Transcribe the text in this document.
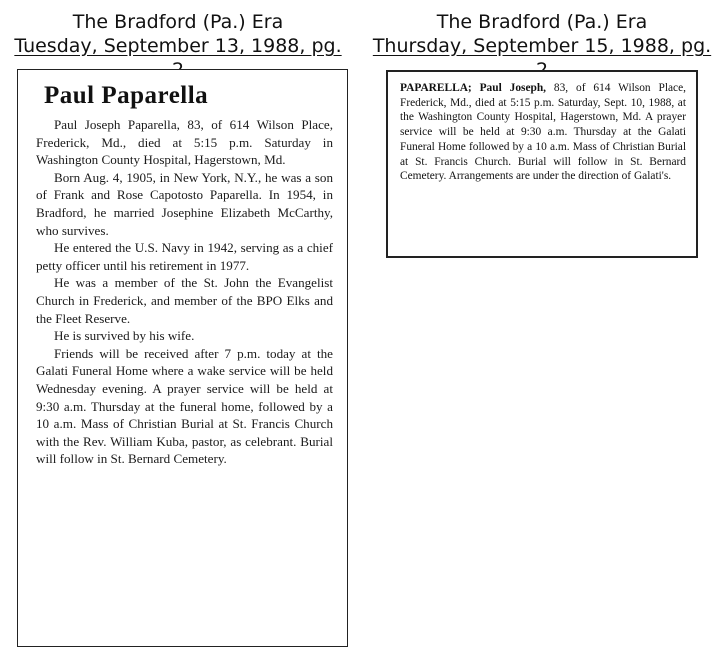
The Bradford (Pa.) Era
Tuesday, September 13, 1988, pg.
The Bradford (Pa.) Era
Thursday, September 15, 1988, pg.
Paul Paparella

Paul Joseph Paparella, 83, of 614 Wilson Place, Frederick, Md., died at 5:15 p.m. Saturday in Washington County Hospital, Hagerstown, Md.

Born Aug. 4, 1905, in New York, N.Y., he was a son of Frank and Rose Capotosto Paparella. In 1954, in Bradford, he married Josephine Elizabeth McCarthy, who survives.

He entered the U.S. Navy in 1942, serving as a chief petty officer until his retirement in 1977.

He was a member of the St. John the Evangelist Church in Frederick, and member of the BPO Elks and the Fleet Reserve.

He is survived by his wife.

Friends will be received after 7 p.m. today at the Galati Funeral Home where a wake service will be held Wednesday evening. A prayer service will be held at 9:30 a.m. Thursday at the funeral home, followed by a 10 a.m. Mass of Christian Burial at St. Francis Church with the Rev. William Kuba, pastor, as celebrant. Burial will follow in St. Bernard Cemetery.

PAPARELLA; Paul Joseph, 83, of 614 Wilson Place, Frederick, Md., died at 5:15 p.m. Saturday, Sept. 10, 1988, at the Washington County Hospital, Hagerstown, Md. A prayer service will be held at 9:30 a.m. Thursday at the Galati Funeral Home followed by a 10 a.m. Mass of Christian Burial at St. Francis Church. Burial will follow in St. Bernard Cemetery. Arrangements are under the direction of Galati's.
